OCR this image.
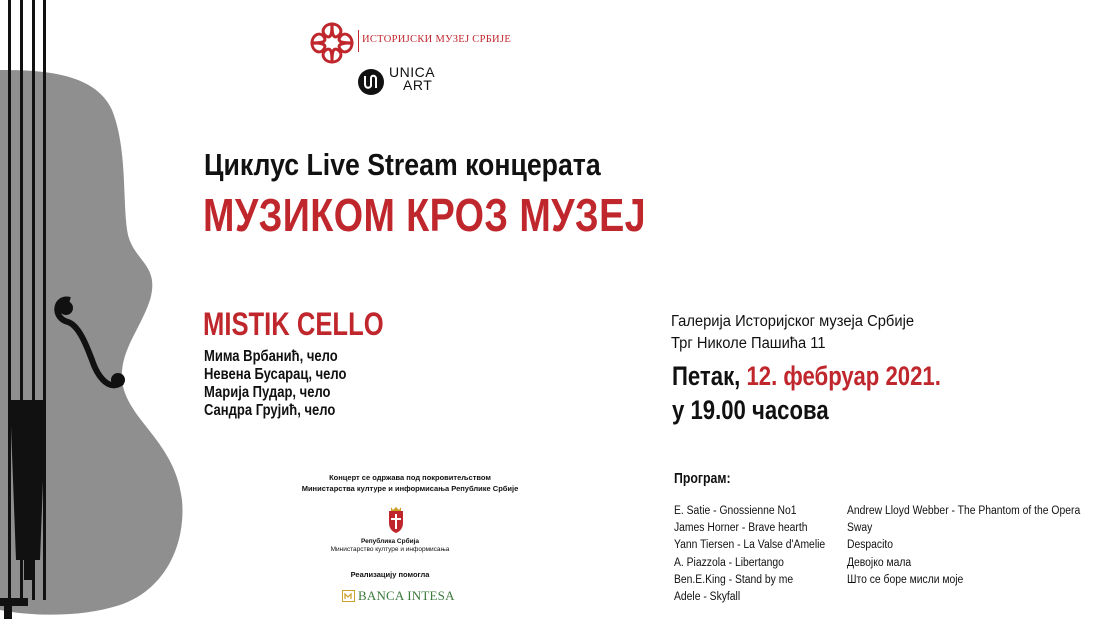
ИСТОРИЈСКИ МУЗЕЈ СРБИЈЕ
UNICA
ART
Циклус Live Stream концерата
МУЗИКОМ КРОЗ МУЗЕЈ
MISTIK CELLO
Мима Врбанић, чело
Невена Бусарац, чело
Марија Пудар, чело
Сандра Грујић, чело
Галерија Историјског музеја Србије
Трг Николе Пашића 11
Петак, 12. фебруар 2021.
у 19.00 часова
Програм:
E. Satie - Gnossienne No1
James Horner - Brave hearth
Yann Tiersen - La Valse d'Amelie
A. Piazzola - Libertango
Ben.E.King - Stand by me
Adele - Skyfall
Andrew Lloyd Webber - The Phantom of the Opera
Sway
Despacito
Девојко мала
Што се боре мисли моје
Концерт се одржава под покровитељством
Министарства културе и информисања Републике Србије
Република Србија
Министарство културе и информисања
Реализацију помогла
BANCA INTESA
